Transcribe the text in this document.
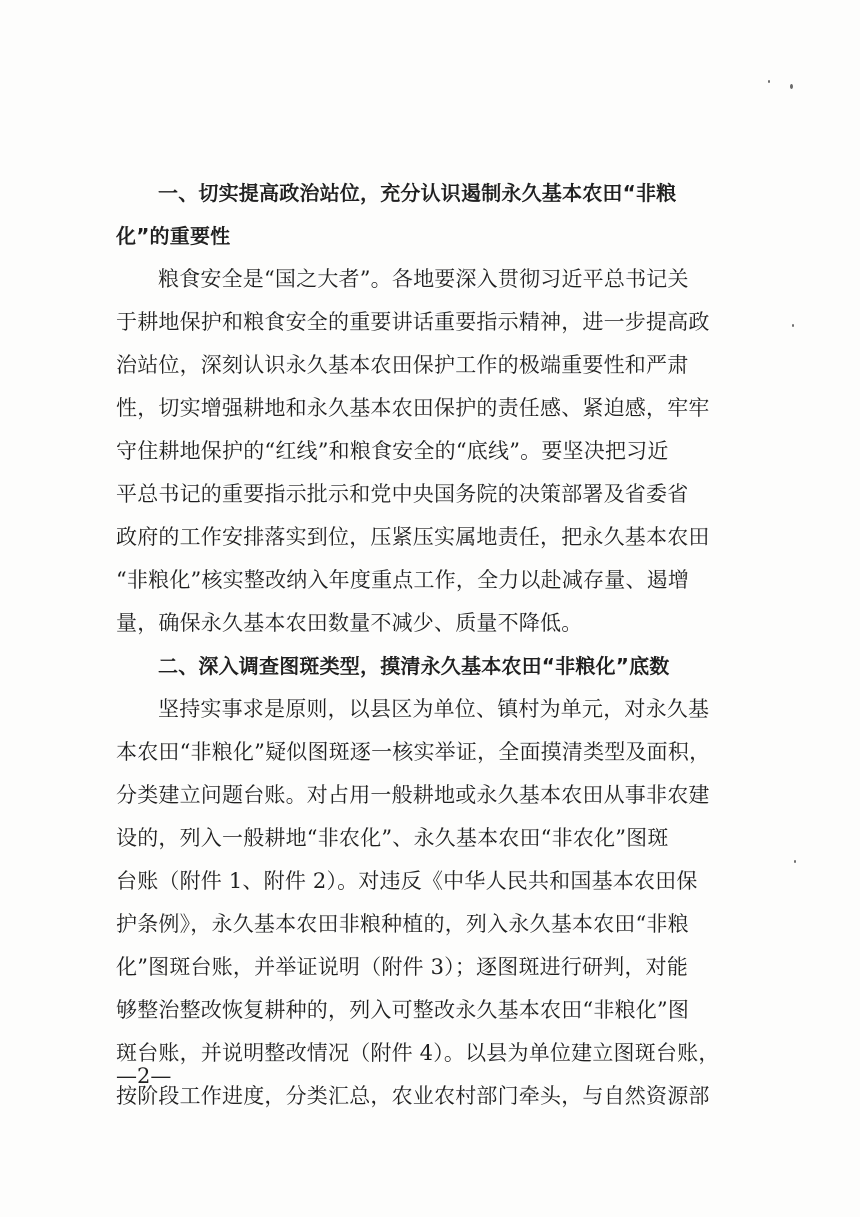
一、切实提高政治站位，充分认识遏制永久基本农田“非粮
化”的重要性
粮食安全是“国之大者”。各地要深入贯彻习近平总书记关
于耕地保护和粮食安全的重要讲话重要指示精神，进一步提高政
治站位，深刻认识永久基本农田保护工作的极端重要性和严肃
性，切实增强耕地和永久基本农田保护的责任感、紧迫感，牢牢
守住耕地保护的“红线”和粮食安全的“底线”。要坚决把习近
平总书记的重要指示批示和党中央国务院的决策部署及省委省
政府的工作安排落实到位，压紧压实属地责任，把永久基本农田
“非粮化”核实整改纳入年度重点工作，全力以赴减存量、遏增
量，确保永久基本农田数量不减少、质量不降低。
二、深入调查图斑类型，摸清永久基本农田“非粮化”底数
坚持实事求是原则，以县区为单位、镇村为单元，对永久基
本农田“非粮化”疑似图斑逐一核实举证，全面摸清类型及面积，
分类建立问题台账。对占用一般耕地或永久基本农田从事非农建
设的，列入一般耕地“非农化”、永久基本农田“非农化”图斑
台账（附件 1、附件 2）。对违反《中华人民共和国基本农田保
护条例》，永久基本农田非粮种植的，列入永久基本农田“非粮
化”图斑台账，并举证说明（附件 3）；逐图斑进行研判，对能
够整治整改恢复耕种的，列入可整改永久基本农田“非粮化”图
斑台账，并说明整改情况（附件 4）。以县为单位建立图斑台账，
按阶段工作进度，分类汇总，农业农村部门牵头，与自然资源部
—2—
